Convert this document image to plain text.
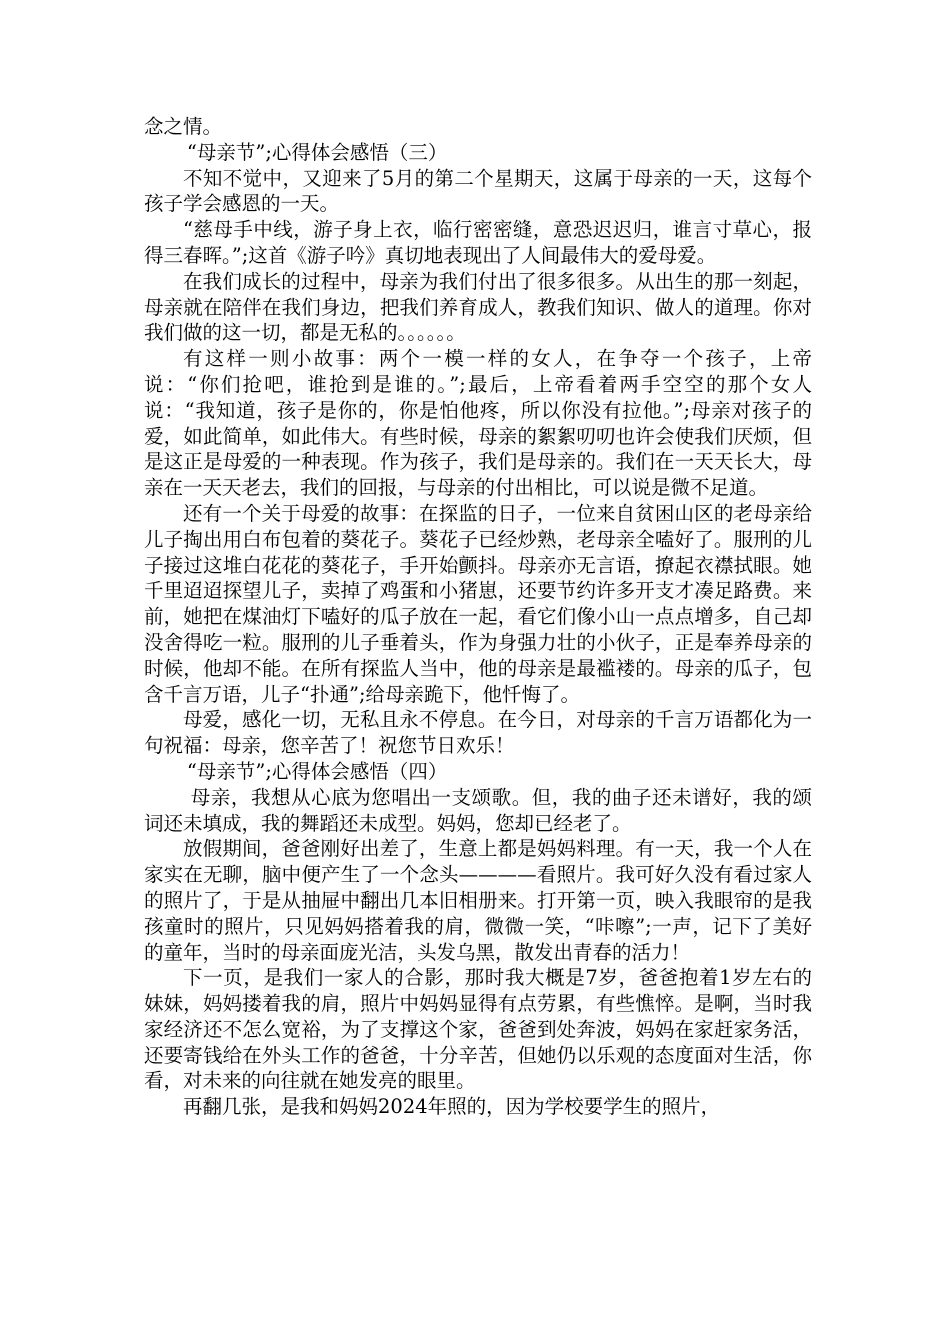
念之情。

“母亲节”;心得体会感悟（三）

不知不觉中，又迎来了5月的第二个星期天，这属于母亲的一天，这每个孩子学会感恩的一天。

“慈母手中线，游子身上衣，临行密密缝，意恐迟迟归，谁言寸草心，报得三春晖。”;这首《游子吟》真切地表现出了人间最伟大的爱母爱。

在我们成长的过程中，母亲为我们付出了很多很多。从出生的那一刻起，母亲就在陪伴在我们身边，把我们养育成人，教我们知识、做人的道理。你对我们做的这一切，都是无私的。。。。。。

有这样一则小故事：两个一模一样的女人，在争夺一个孩子，上帝说：“你们抢吧，谁抢到是谁的。”;最后，上帝看着两手空空的那个女人说：“我知道，孩子是你的，你是怕他疼，所以你没有拉他。”;母亲对孩子的爱，如此简单，如此伟大。有些时候，母亲的絮絮叨叨也许会使我们厌烦，但是这正是母爱的一种表现。作为孩子，我们是母亲的。我们在一天天长大，母亲在一天天老去，我们的回报，与母亲的付出相比，可以说是微不足道。

还有一个关于母爱的故事：在探监的日子，一位来自贫困山区的老母亲给儿子掏出用白布包着的葵花子。葵花子已经炒熟，老母亲全嗑好了。服刑的儿子接过这堆白花花的葵花子，手开始颤抖。母亲亦无言语，撩起衣襟拭眼。她千里迢迢探望儿子，卖掉了鸡蛋和小猪崽，还要节约许多开支才凑足路费。来前，她把在煤油灯下嗑好的瓜子放在一起，看它们像小山一点点增多，自己却没舍得吃一粒。服刑的儿子垂着头，作为身强力壮的小伙子，正是奉养母亲的时候，他却不能。在所有探监人当中，他的母亲是最褴褛的。母亲的瓜子，包含千言万语，儿子“扑通”;给母亲跪下，他忏悔了。

母爱，感化一切，无私且永不停息。在今日，对母亲的千言万语都化为一句祝福：母亲，您辛苦了！祝您节日欢乐！

“母亲节”;心得体会感悟（四）

母亲，我想从心底为您唱出一支颂歌。但，我的曲子还未谱好，我的颂词还未填成，我的舞蹈还未成型。妈妈，您却已经老了。

放假期间，爸爸刚好出差了，生意上都是妈妈料理。有一天，我一个人在家实在无聊，脑中便产生了一个念头————看照片。我可好久没有看过家人的照片了，于是从抽屉中翻出几本旧相册来。打开第一页，映入我眼帘的是我孩童时的照片，只见妈妈搭着我的肩，微微一笑，“咔嚓”;一声，记下了美好的童年，当时的母亲面庞光洁，头发乌黑，散发出青春的活力！

下一页，是我们一家人的合影，那时我大概是7岁，爸爸抱着1岁左右的妹妹，妈妈搂着我的肩，照片中妈妈显得有点劳累，有些憔悴。是啊，当时我家经济还不怎么宽裕，为了支撑这个家，爸爸到处奔波，妈妈在家赶家务活，还要寄钱给在外头工作的爸爸，十分辛苦，但她仍以乐观的态度面对生活，你看，对未来的向往就在她发亮的眼里。

再翻几张，是我和妈妈2024年照的，因为学校要学生的照片，
